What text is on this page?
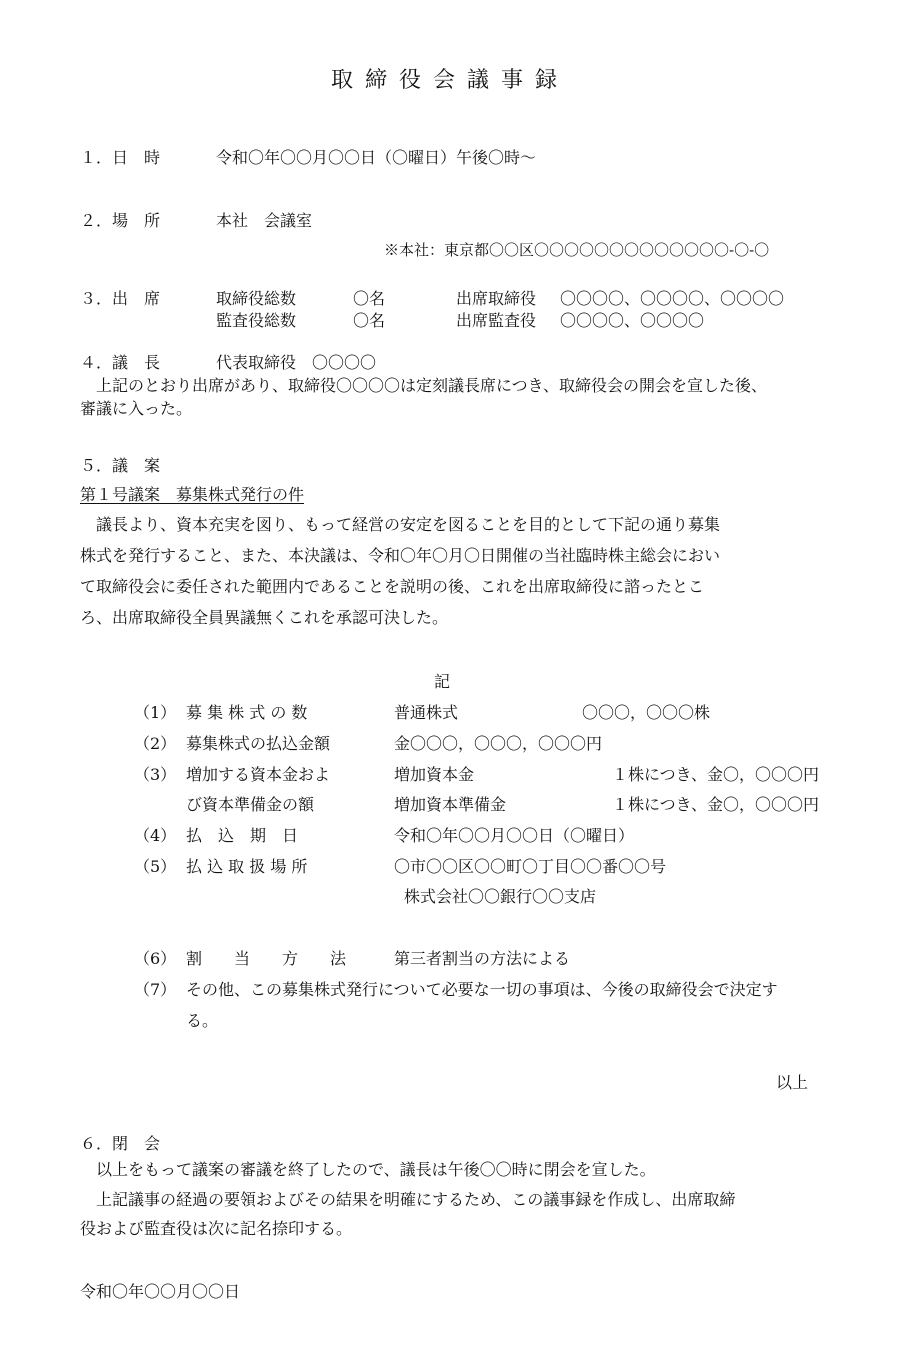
取締役会議事録
１．日　時	令和〇年〇〇月〇〇日（〇曜日）午後〇時～
２．場　所	本社　会議室
※本社：東京都〇〇区〇〇〇〇〇〇〇〇〇〇〇〇〇-〇-〇
３．出　席	取締役総数	〇名	出席取締役 〇〇〇〇、〇〇〇〇、〇〇〇〇
監査役総数	〇名	出席監査役 〇〇〇〇、〇〇〇〇
４．議　長	代表取締役　〇〇〇〇
上記のとおり出席があり、取締役〇〇〇〇は定刻議長席につき、取締役会の開会を宣した後、
審議に入った。
５．議　案
第１号議案　募集株式発行の件
議長より、資本充実を図り、もって経営の安定を図ることを目的として下記の通り募集
株式を発行すること、また、本決議は、令和〇年〇月〇日開催の当社臨時株主総会におい
て取締役会に委任された範囲内であることを説明の後、これを出席取締役に諮ったとこ
ろ、出席取締役全員異議無くこれを承認可決した。
記
（1） 募 集 株 式 の 数	普通株式	〇〇〇，〇〇〇株
（2） 募集株式の払込金額	金〇〇〇，〇〇〇，〇〇〇円
（3） 増加する資本金およ	増加資本金	１株につき、金〇，〇〇〇円
び資本準備金の額	増加資本準備金	１株につき、金〇，〇〇〇円
（4） 払　込　期　日	令和〇年〇〇月〇〇日（〇曜日）
（5） 払 込 取 扱 場 所	〇市〇〇区〇〇町〇丁目〇〇番〇〇号
株式会社〇〇銀行〇〇支店
（6） 割　　当　　方　　法	第三者割当の方法による
（7） その他、この募集株式発行について必要な一切の事項は、今後の取締役会で決定す
る。
以上
６．閉　会
以上をもって議案の審議を終了したので、議長は午後〇〇時に閉会を宣した。
上記議事の経過の要領およびその結果を明確にするため、この議事録を作成し、出席取締
役および監査役は次に記名捺印する。
令和〇年〇〇月〇〇日
